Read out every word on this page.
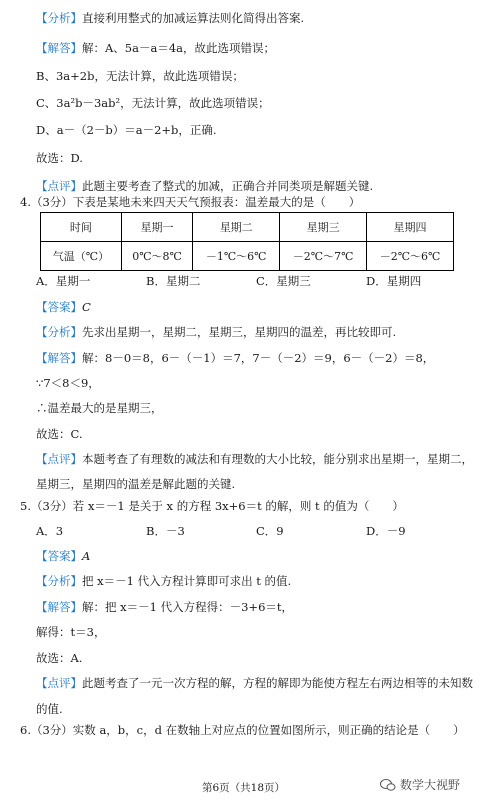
【分析】直接利用整式的加减运算法则化简得出答案.
【解答】解：A、5a－a＝4a，故此选项错误；
B、3a+2b，无法计算，故此选项错误；
C、3a²b－3ab²，无法计算，故此选项错误；
D、a－（2－b）＝a－2+b，正确.
故选：D.
【点评】此题主要考查了整式的加减，正确合并同类项是解题关键.
4.（3分）下表是某地未来四天天气预报表：温差最大的是（　　）
时间	星期一	星期二	星期三	星期四
气温（℃）	0℃～8℃	－1℃～6℃	－2℃～7℃	－2℃～6℃
A．星期一	B．星期二	C．星期三	D．星期四
【答案】C
【分析】先求出星期一，星期二，星期三，星期四的温差，再比较即可.
【解答】解：8－0＝8，6－（－1）＝7，7－（－2）＝9，6－（－2）＝8，
∵7＜8＜9，
∴温差最大的是星期三，
故选：C.
【点评】本题考查了有理数的减法和有理数的大小比较，能分别求出星期一，星期二，
星期三，星期四的温差是解此题的关键.
5.（3分）若 x＝－1 是关于 x 的方程 3x+6＝t 的解，则 t 的值为（　　）
A．3	B．－3	C．9	D．－9
【答案】A
【分析】把 x＝－1 代入方程计算即可求出 t 的值.
【解答】解：把 x＝－1 代入方程得：－3+6＝t，
解得：t＝3，
故选：A.
【点评】此题考查了一元一次方程的解，方程的解即为能使方程左右两边相等的未知数
的值.
6.（3分）实数 a，b，c，d 在数轴上对应点的位置如图所示，则正确的结论是（　　）
第6页（共18页）	数学大视野
